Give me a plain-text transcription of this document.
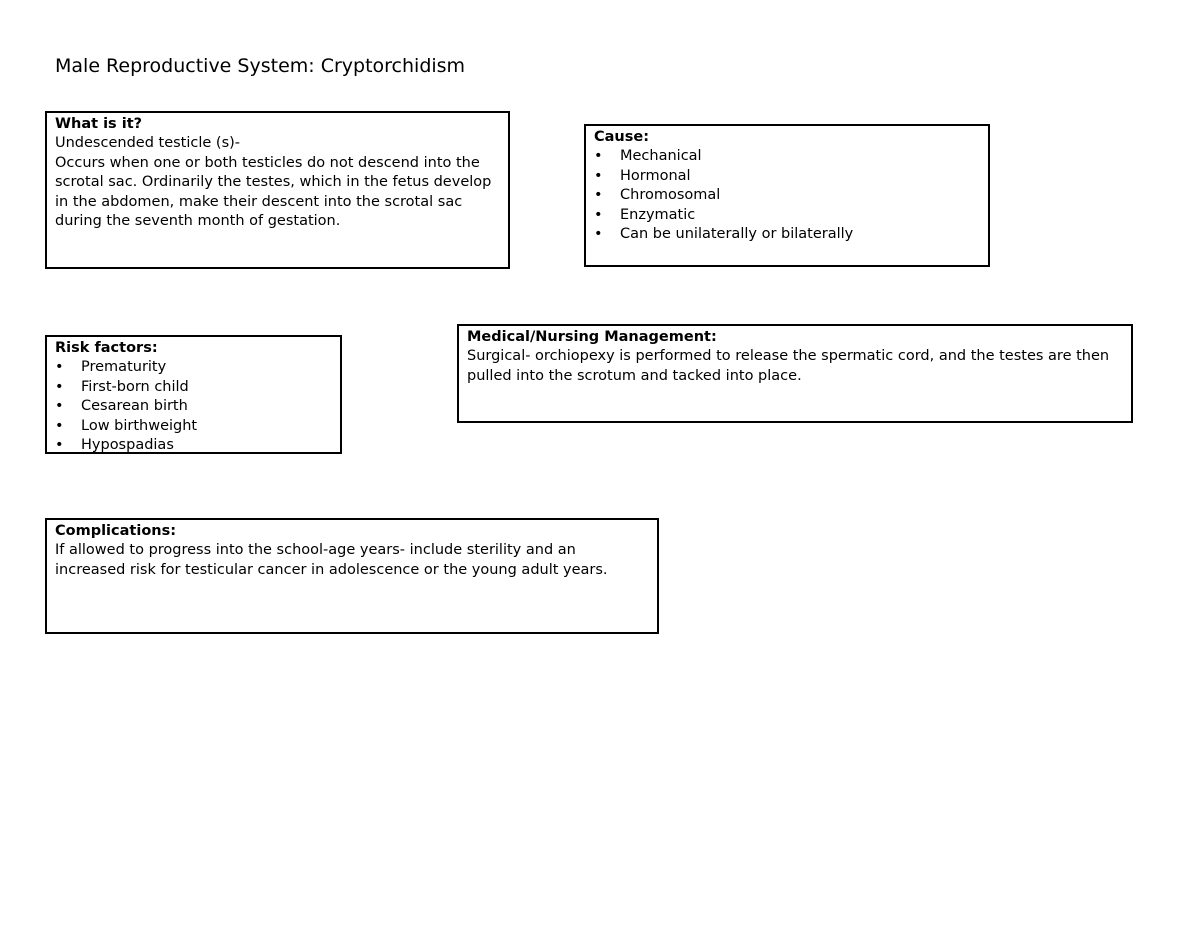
Male Reproductive System: Cryptorchidism
What is it?
Undescended testicle (s)-
Occurs when one or both testicles do not descend into the scrotal sac. Ordinarily the testes, which in the fetus develop in the abdomen, make their descent into the scrotal sac during the seventh month of gestation.
Cause:
• Mechanical
• Hormonal
• Chromosomal
• Enzymatic
• Can be unilaterally or bilaterally
Risk factors:
• Prematurity
• First-born child
• Cesarean birth
• Low birthweight
• Hypospadias
Medical/Nursing Management:
Surgical- orchiopexy is performed to release the spermatic cord, and the testes are then pulled into the scrotum and tacked into place.
Complications:
If allowed to progress into the school-age years- include sterility and an increased risk for testicular cancer in adolescence or the young adult years.
